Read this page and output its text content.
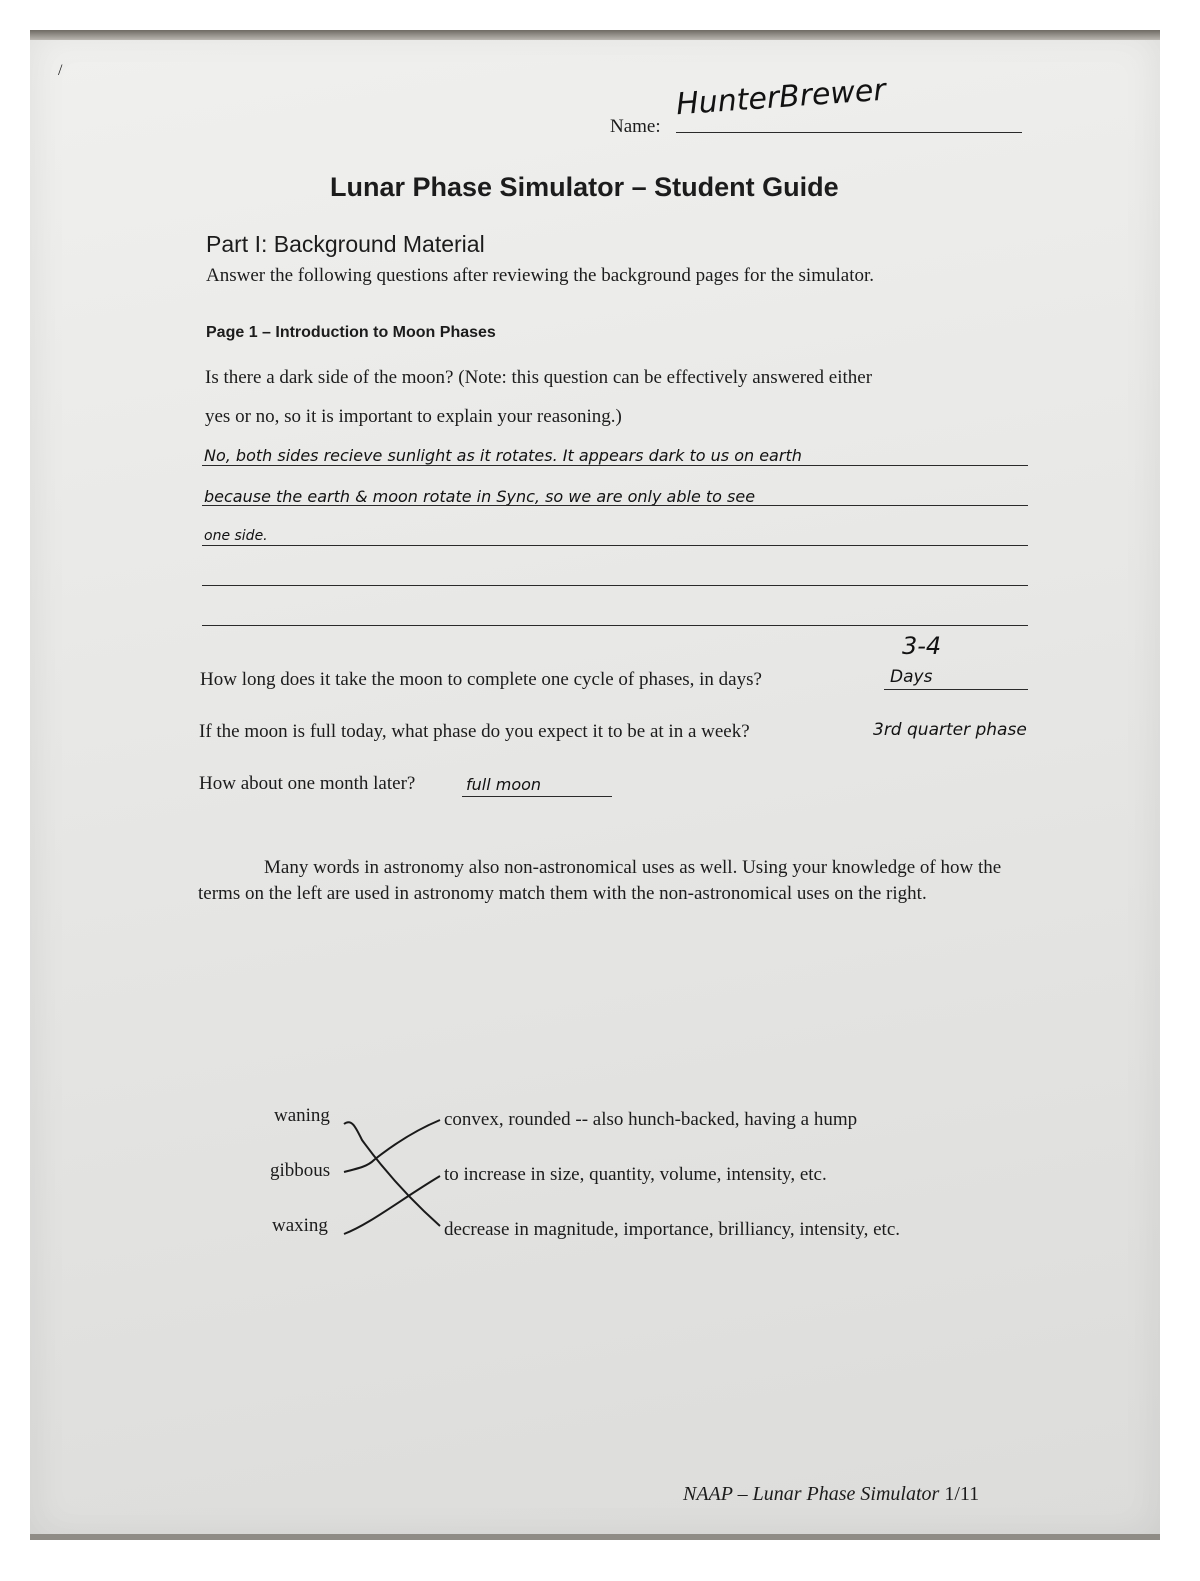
/
Name:
HunterBrewer
Lunar Phase Simulator – Student Guide
Part I: Background Material
Answer the following questions after reviewing the background pages for the simulator.
Page 1 – Introduction to Moon Phases
Is there a dark side of the moon? (Note: this question can be effectively answered either
yes or no, so it is important to explain your reasoning.)
No, both sides recieve sunlight as it rotates. It appears dark to us on earth
because the earth & moon rotate in Sync, so we are only able to see
one side.
How long does it take the moon to complete one cycle of phases, in days?
3-4
Days
If the moon is full today, what phase do you expect it to be at in a week?	3rd quarter phase
How about one month later?	full moon
Many words in astronomy also non-astronomical uses as well. Using your knowledge of how the terms on the left are used in astronomy match them with the non-astronomical uses on the right.
waning
gibbous
waxing
convex, rounded -- also hunch-backed, having a hump
to increase in size, quantity, volume, intensity, etc.
decrease in magnitude, importance, brilliancy, intensity, etc.
NAAP – Lunar Phase Simulator 1/11
